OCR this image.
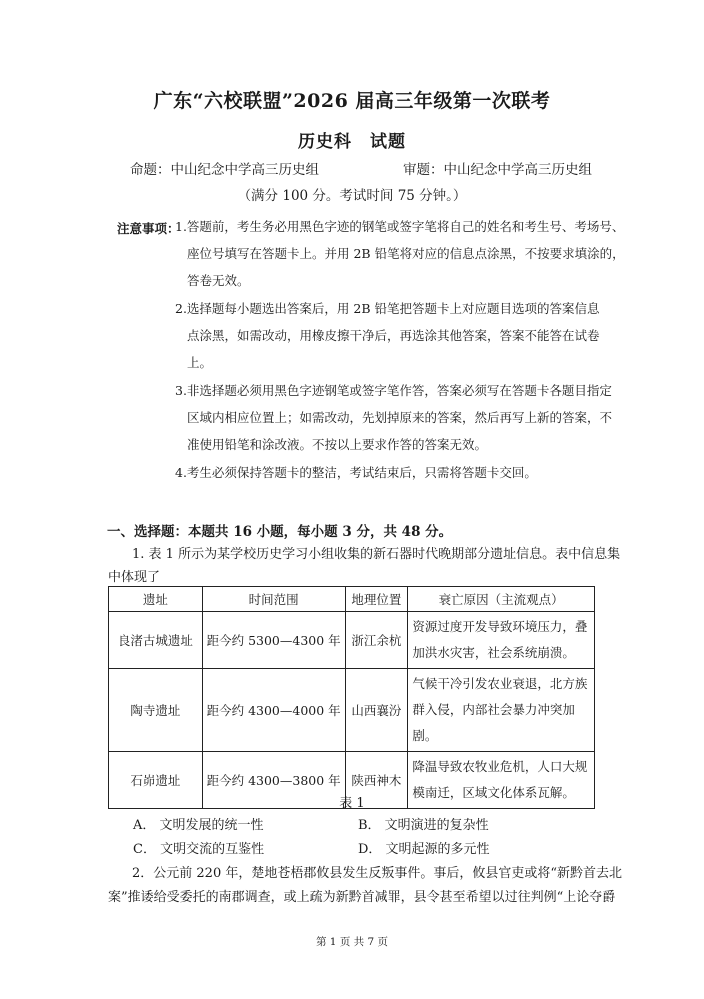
广东“六校联盟”2026 届高三年级第一次联考
历史科　试题
命题：中山纪念中学高三历史组	审题：中山纪念中学高三历史组
（满分 100 分。考试时间 75 分钟。）
注意事项：
1.答题前，考生务必用黑色字迹的钢笔或签字笔将自己的姓名和考生号、考场号、
座位号填写在答题卡上。并用 2B 铅笔将对应的信息点涂黑，不按要求填涂的，
答卷无效。
2.选择题每小题选出答案后，用 2B 铅笔把答题卡上对应题目选项的答案信息
点涂黑，如需改动，用橡皮擦干净后，再选涂其他答案，答案不能答在试卷
上。
3.非选择题必须用黑色字迹钢笔或签字笔作答，答案必须写在答题卡各题目指定
区域内相应位置上；如需改动，先划掉原来的答案，然后再写上新的答案，不
准使用铅笔和涂改液。不按以上要求作答的答案无效。
4.考生必须保持答题卡的整洁，考试结束后，只需将答题卡交回。
一、选择题：本题共 16 小题，每小题 3 分，共 48 分。
1. 表 1 所示为某学校历史学习小组收集的新石器时代晚期部分遗址信息。表中信息集
中体现了
遗址	时间范围	地理位置	衰亡原因（主流观点）
良渚古城遗址	距今约 5300—4300 年	浙江余杭	资源过度开发导致环境压力，叠
加洪水灾害，社会系统崩溃。

陶寺遗址	距今约 4300—4000 年	山西襄汾	气候干冷引发农业衰退，北方族
群入侵，内部社会暴力冲突加
剧。

石峁遗址	距今约 4300—3800 年	陕西神木	降温导致农牧业危机，人口大规
模南迁，区域文化体系瓦解。
表 1
A． 文明发展的统一性	B． 文明演进的复杂性
C． 文明交流的互鉴性	D． 文明起源的多元性
2．公元前 220 年，楚地苍梧郡攸县发生反叛事件。事后，攸县官吏或将“新黔首去北
案”推诿给受委托的南郡调查，或上疏为新黔首减罪，县令甚至希望以过往判例“上论夺爵
第 1 页 共 7 页
